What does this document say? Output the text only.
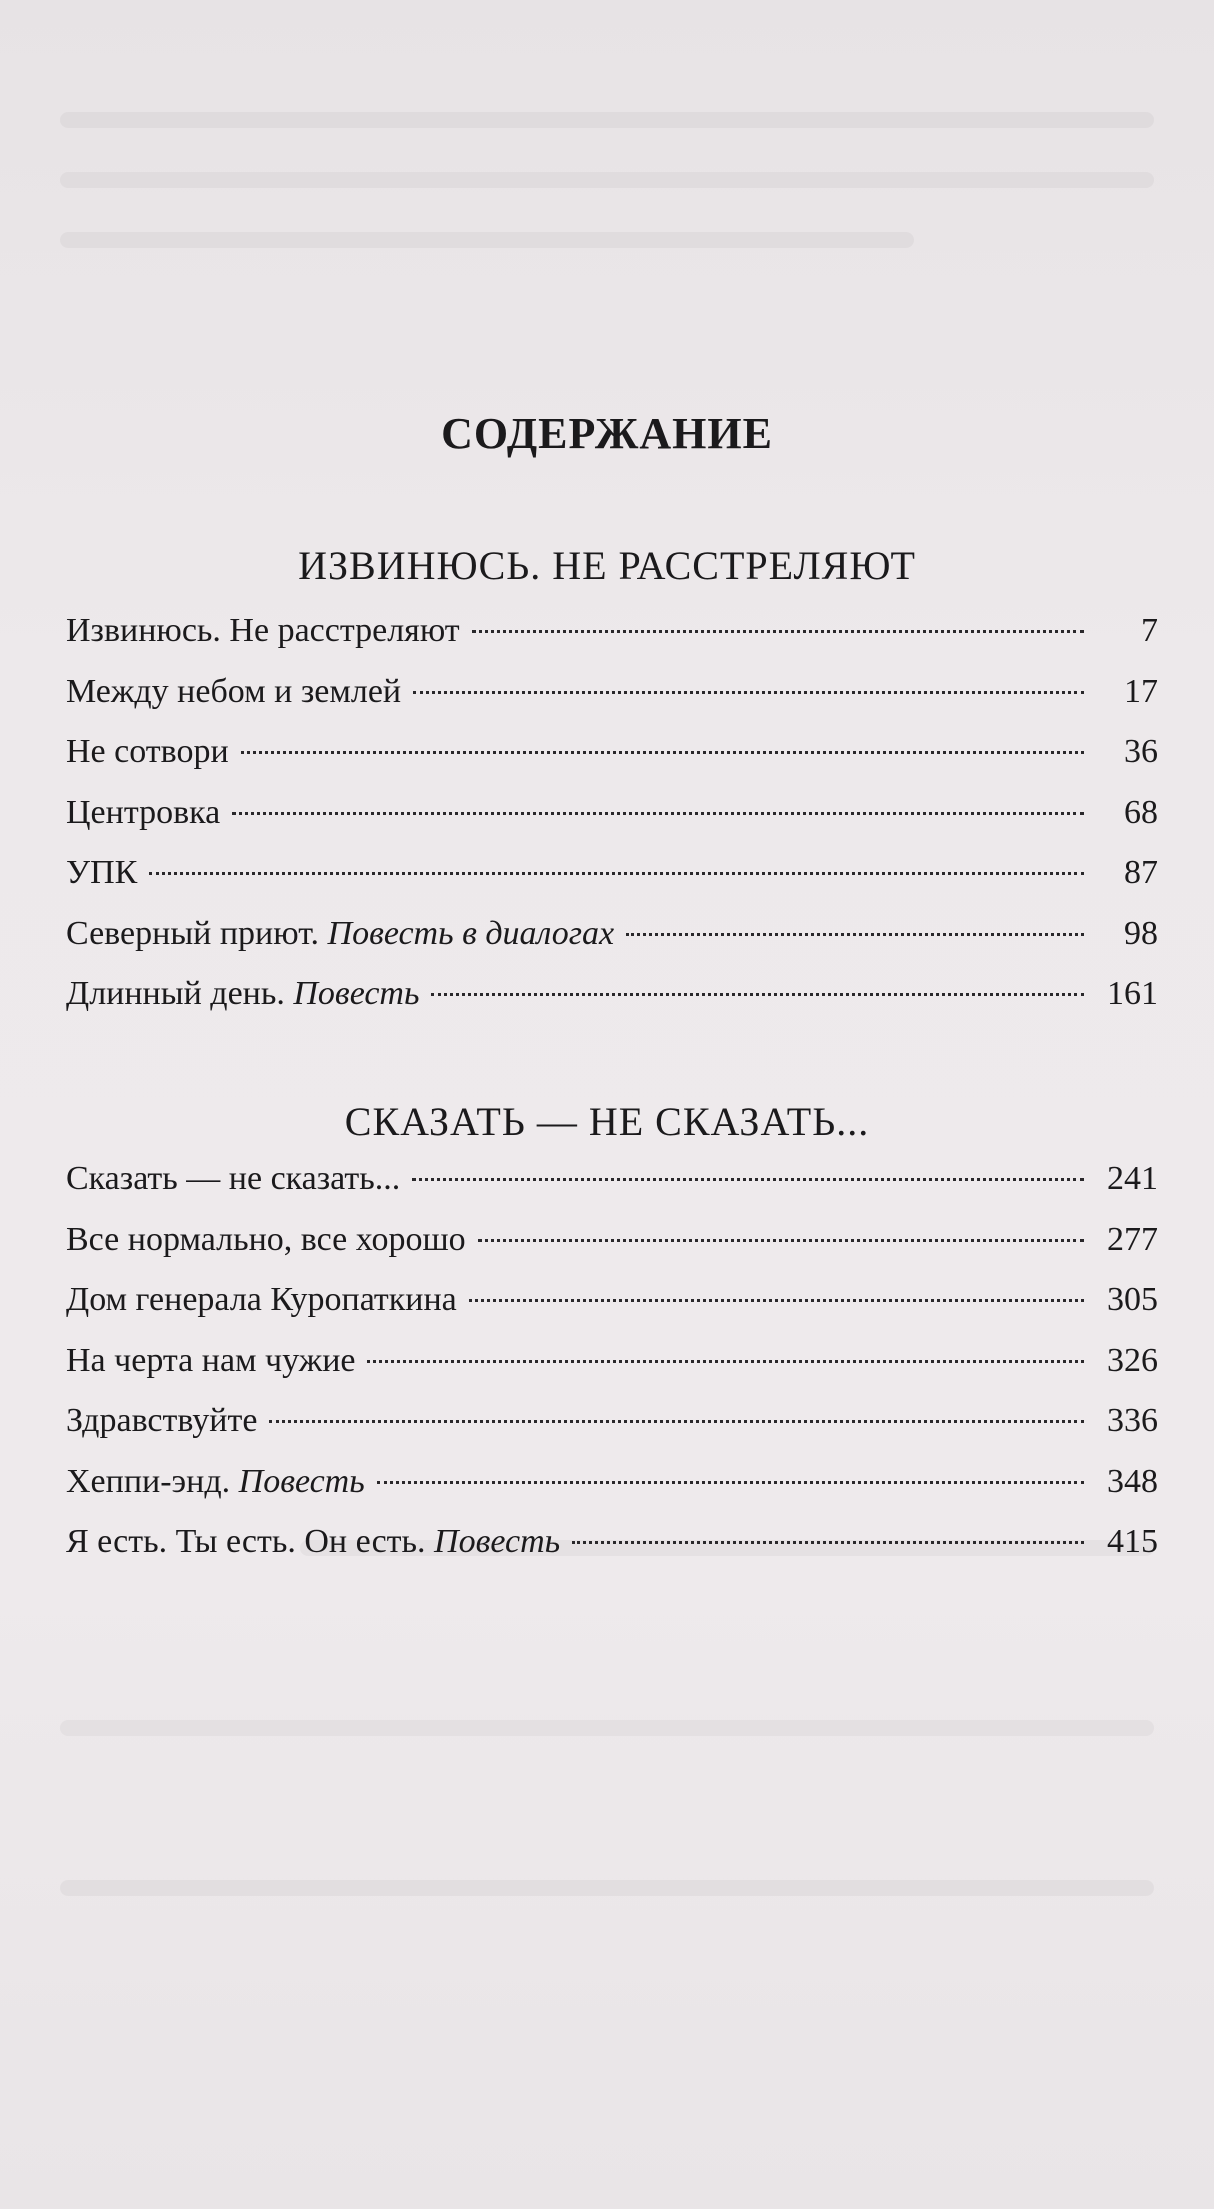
СОДЕРЖАНИЕ
ИЗВИНЮСЬ. НЕ РАССТРЕЛЯЮТ
Извинюсь. Не расстреляют	7
Между небом и землей	17
Не сотвори	36
Центровка	68
УПК	87
Северный приют. Повесть в диалогах	98
Длинный день. Повесть	161
СКАЗАТЬ — НЕ СКАЗАТЬ...
Сказать — не сказать...	241
Все нормально, все хорошо	277
Дом генерала Куропаткина	305
На черта нам чужие	326
Здравствуйте	336
Хеппи-энд. Повесть	348
Я есть. Ты есть. Он есть. Повесть	415
